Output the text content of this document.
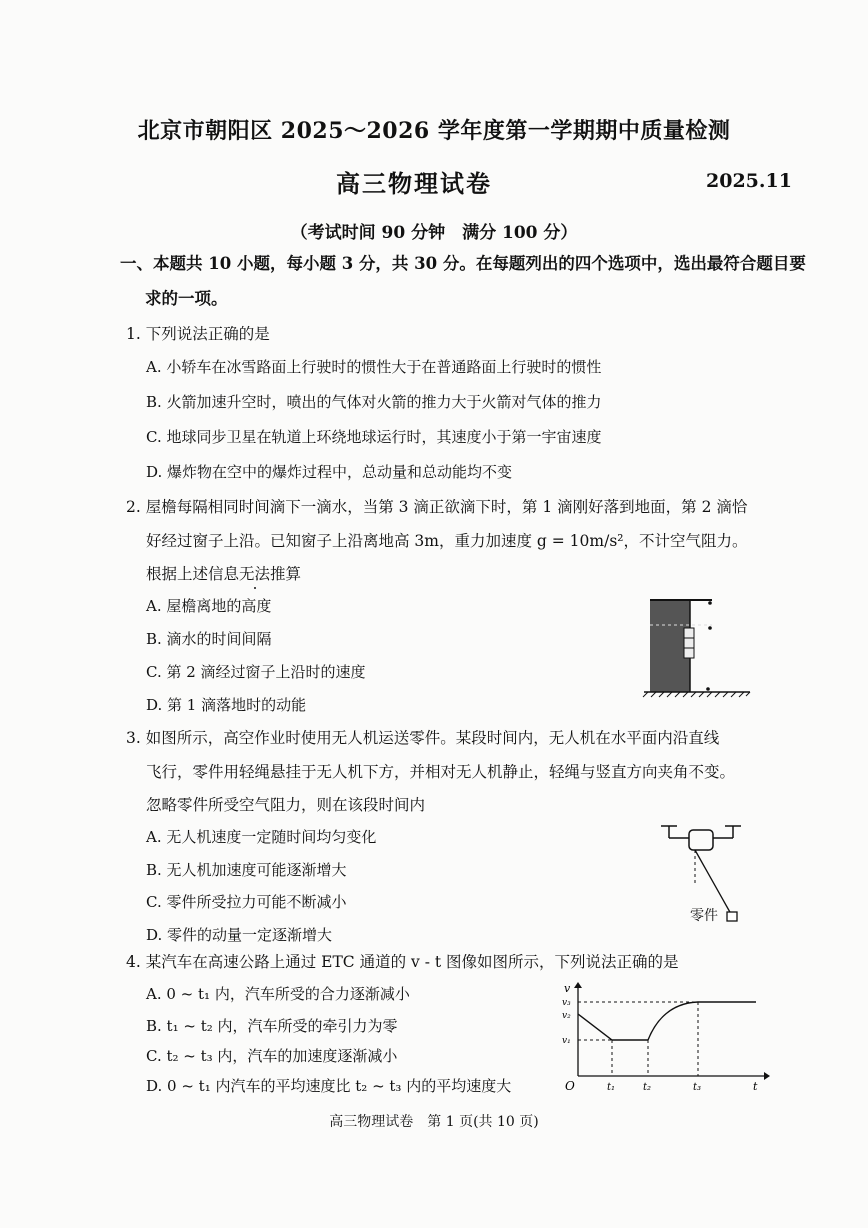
北京市朝阳区 2025～2026 学年度第一学期期中质量检测
高三物理试卷	2025.11
（考试时间 90 分钟　满分 100 分）
一、本题共 10 小题，每小题 3 分，共 30 分。在每题列出的四个选项中，选出最符合题目要
求的一项。
1. 下列说法正确的是
A. 小轿车在冰雪路面上行驶时的惯性大于在普通路面上行驶时的惯性
B. 火箭加速升空时，喷出的气体对火箭的推力大于火箭对气体的推力
C. 地球同步卫星在轨道上环绕地球运行时，其速度小于第一宇宙速度
D. 爆炸物在空中的爆炸过程中，总动量和总动能均不变
2. 屋檐每隔相同时间滴下一滴水，当第 3 滴正欲滴下时，第 1 滴刚好落到地面，第 2 滴恰
好经过窗子上沿。已知窗子上沿离地高 3m，重力加速度 g = 10m/s²，不计空气阻力。
根据上述信息无法推算
A. 屋檐离地的高度
B. 滴水的时间间隔
C. 第 2 滴经过窗子上沿时的速度
D. 第 1 滴落地时的动能
3. 如图所示，高空作业时使用无人机运送零件。某段时间内，无人机在水平面内沿直线
飞行，零件用轻绳悬挂于无人机下方，并相对无人机静止，轻绳与竖直方向夹角不变。
忽略零件所受空气阻力，则在该段时间内
A. 无人机速度一定随时间均匀变化
B. 无人机加速度可能逐渐增大
C. 零件所受拉力可能不断减小
D. 零件的动量一定逐渐增大
零件
4. 某汽车在高速公路上通过 ETC 通道的 v - t 图像如图所示，下列说法正确的是
A. 0 ~ t₁ 内，汽车所受的合力逐渐减小
B. t₁ ~ t₂ 内，汽车所受的牵引力为零
C. t₂ ~ t₃ 内，汽车的加速度逐渐减小
D. 0 ~ t₁ 内汽车的平均速度比 t₂ ~ t₃ 内的平均速度大
v
v₃
v₂
v₁
O	t₁	t₂	t₃	t
高三物理试卷　第 1 页(共 10 页)
